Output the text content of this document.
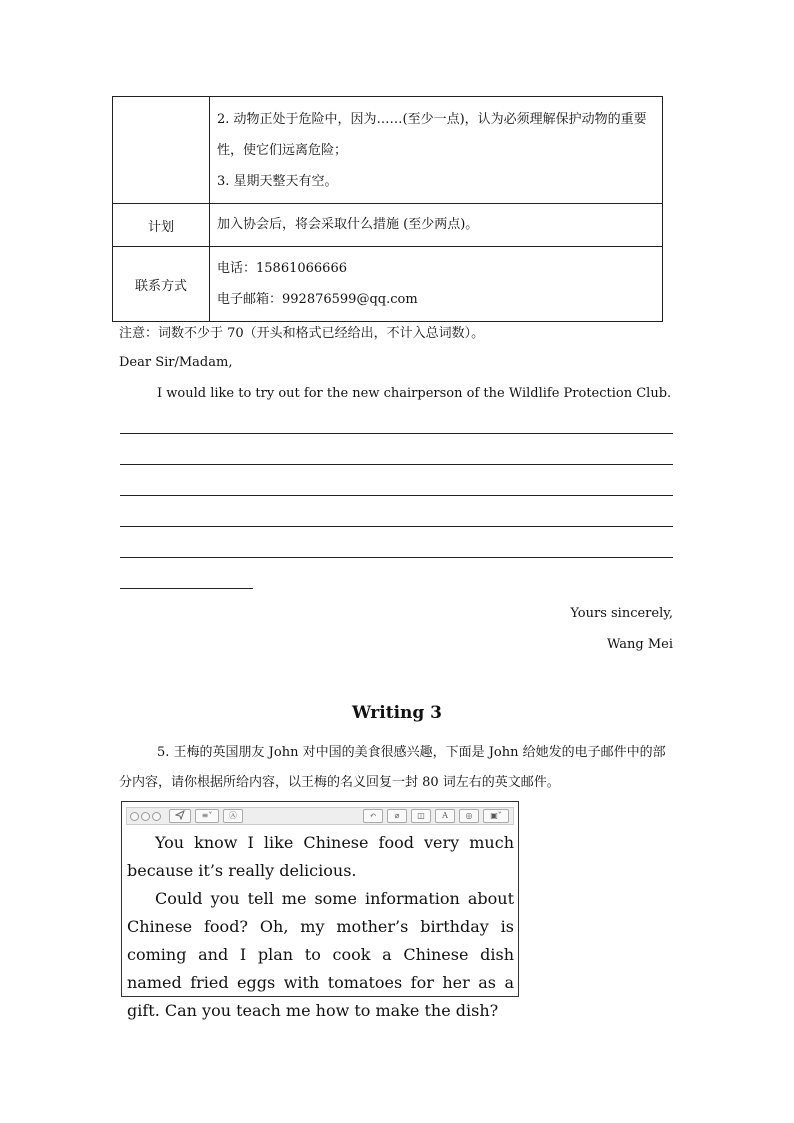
	2. 动物正处于危险中，因为……(至少一点)，认为必须理解保护动物的重要性，使它们远离危险；
3. 星期天整天有空。

计划	加入协会后，将会采取什么措施 (至少两点)。
联系方式	电话：15861066666
电子邮箱：992876599@qq.com
注意：词数不少于 70（开头和格式已经给出，不计入总词数）。
Dear Sir/Madam,
I would like to try out for the new chairperson of the Wildlife Protection Club.
Yours sincerely,
Wang Mei
Writing 3
5. 王梅的英国朋友 John 对中国的美食很感兴趣，下面是 John 给她发的电子邮件中的部分内容，请你根据所给内容，以王梅的名义回复一封 80 词左右的英文邮件。
≡˅	Ⓐ	↶	⌀	◫	A	◎	▣˅

You know I like Chinese food very much because it’s really delicious.

Could you tell me some information about Chinese food? Oh, my mother’s birthday is coming and I plan to cook a Chinese dish named fried eggs with tomatoes for her as a gift. Can you teach me how to make the dish?
